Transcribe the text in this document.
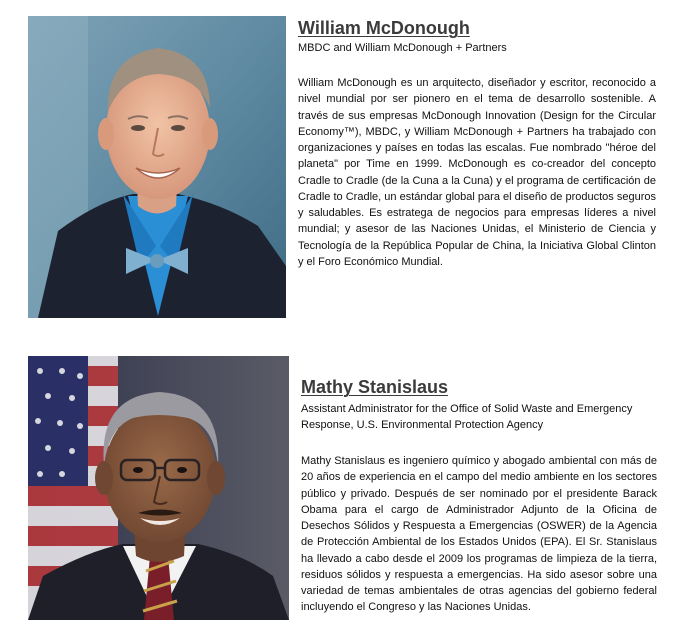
William McDonough
MBDC and William McDonough + Partners

William McDonough es un arquitecto, diseñador y escritor, reconocido a nivel mundial por ser pionero en el tema de desarrollo sostenible. A través de sus empresas McDonough Innovation (Design for the Circular Economy™), MBDC, y William McDonough + Partners ha trabajado con organizaciones y países en todas las escalas. Fue nombrado "héroe del planeta" por Time en 1999. McDonough es co-creador del concepto Cradle to Cradle (de la Cuna a la Cuna) y el programa de certificación de Cradle to Cradle, un estándar global para el diseño de productos seguros y saludables. Es estratega de negocios para empresas líderes a nivel mundial; y asesor de las Naciones Unidas, el Ministerio de Ciencia y Tecnología de la República Popular de China, la Iniciativa Global Clinton y el Foro Económico Mundial.

Mathy Stanislaus
Assistant Administrator for the Office of Solid Waste and Emergency Response, U.S. Environmental Protection Agency

Mathy Stanislaus es ingeniero químico y abogado ambiental con más de 20 años de experiencia en el campo del medio ambiente en los sectores público y privado. Después de ser nominado por el presidente Barack Obama para el cargo de Administrador Adjunto de la Oficina de Desechos Sólidos y Respuesta a Emergencias (OSWER) de la Agencia de Protección Ambiental de los Estados Unidos (EPA). El Sr. Stanislaus ha llevado a cabo desde el 2009 los programas de limpieza de la tierra, residuos sólidos y respuesta a emergencias. Ha sido asesor sobre una variedad de temas ambientales de otras agencias del gobierno federal incluyendo el Congreso y las Naciones Unidas.
